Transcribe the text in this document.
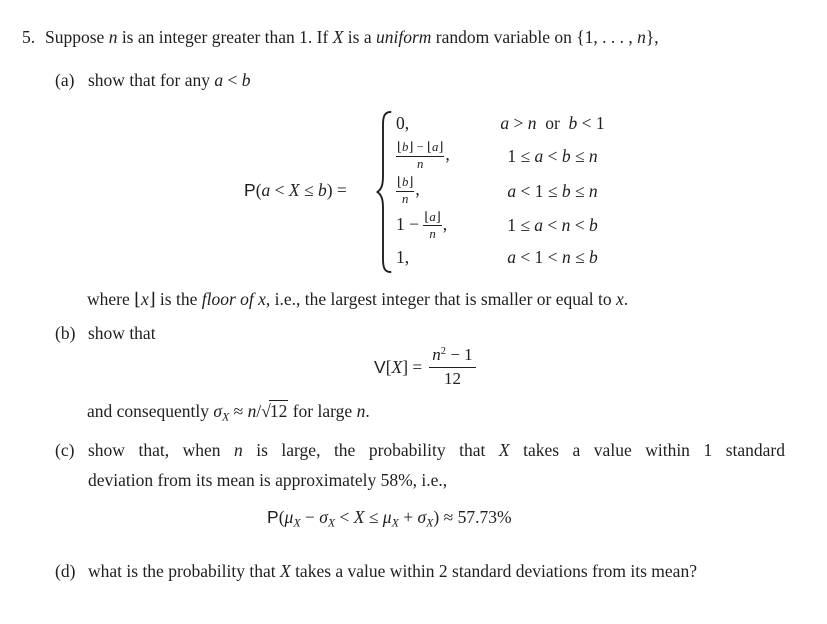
5. Suppose n is an integer greater than 1. If X is a uniform random variable on {1, . . . , n},
(a) show that for any a < b
P(a < X ≤ b) =
0,	a > n  or  b < 1
$\frac{⌊b⌋ - ⌊a⌋}{n}$ ,	1 ≤ a < b ≤ n
$\frac{⌊b⌋}{n}$ ,	a < 1 ≤ b ≤ n
$1 - \frac{⌊a⌋}{n}$ ,	1 ≤ a < n < b
1,	a < 1 < n ≤ b
where ⌊x⌋ is the floor of x, i.e., the largest integer that is smaller or equal to x.
(b) show that
$V[X] = \frac{n^2 - 1}{12}$
and consequently σX ≈ n/√12 for large n.
(c) show that, when n is large, the probability that X takes a value within 1 standard
deviation from its mean is approximately 58%, i.e.,
P(μX − σX < X ≤ μX + σX) ≈ 57.73%
(d) what is the probability that X takes a value within 2 standard deviations from its mean?
